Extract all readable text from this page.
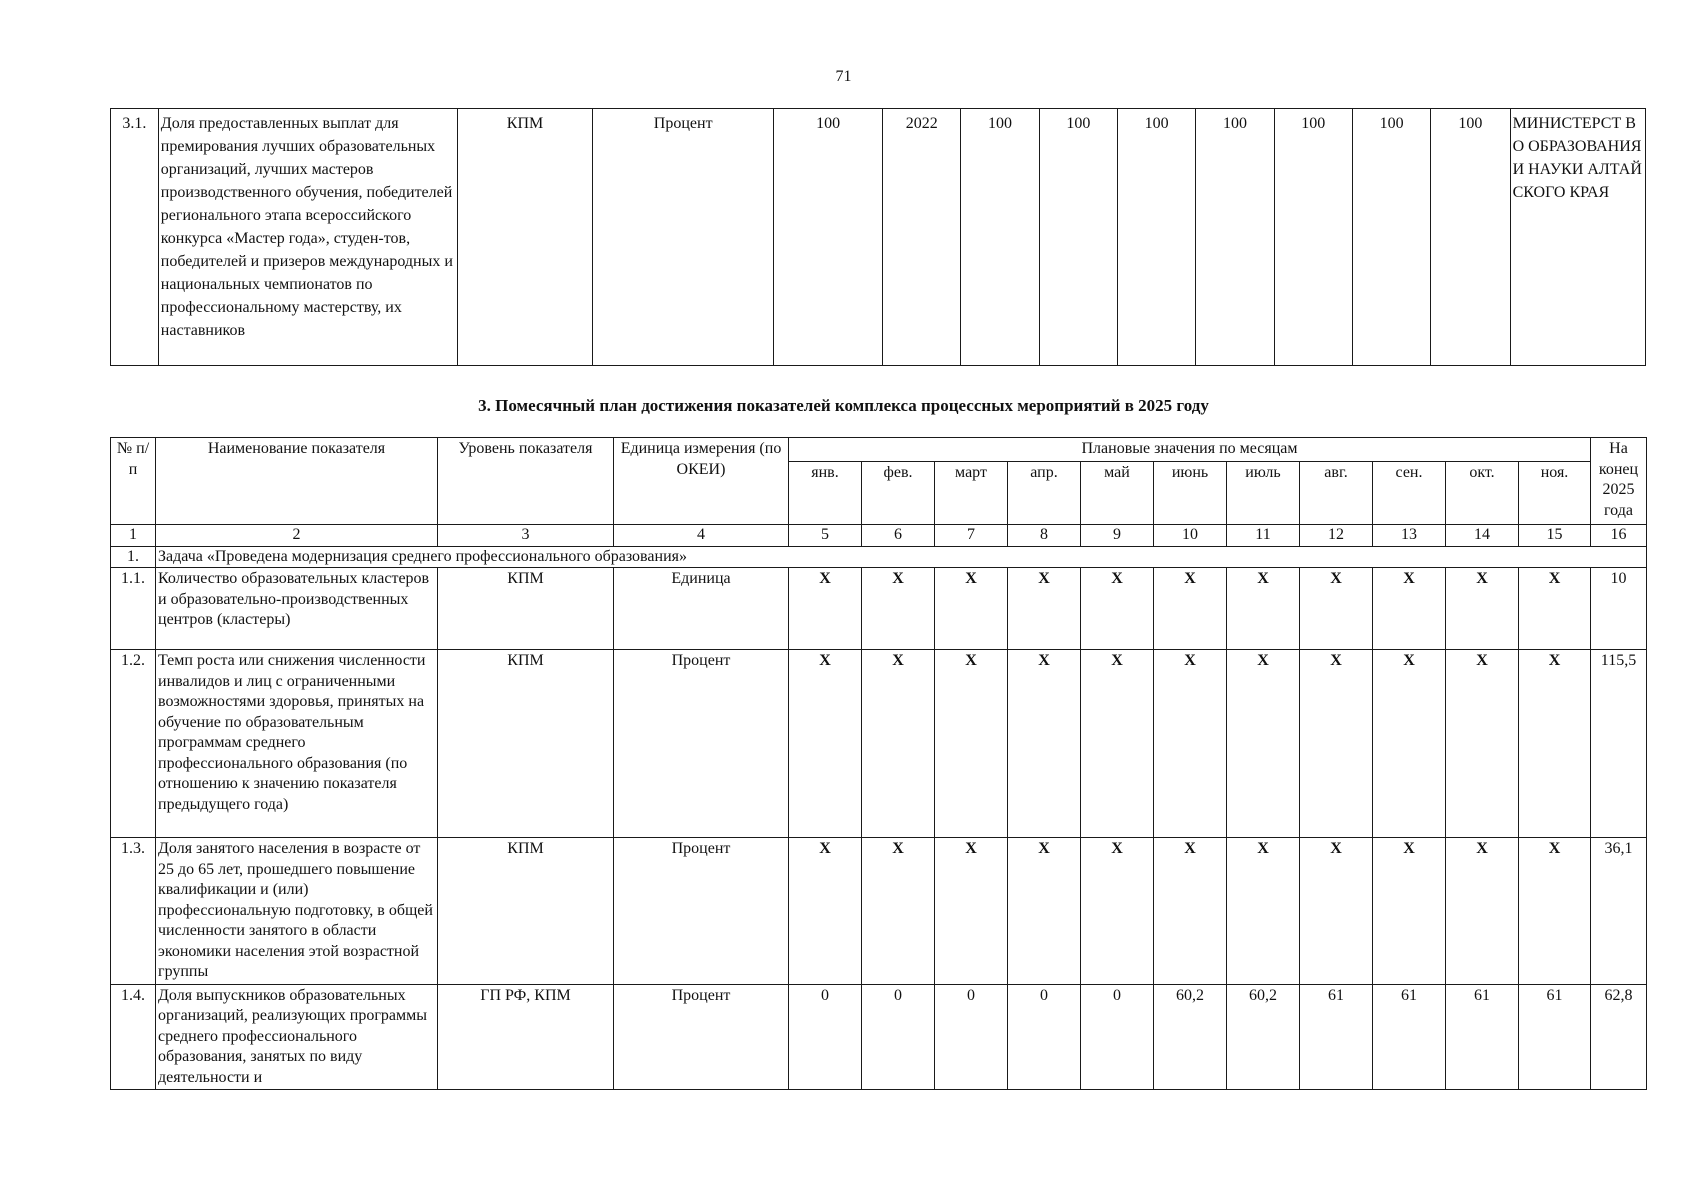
71
3.1.	Доля предоставленных выплат для премирования лучших образовательных организаций, лучших мастеров производственного обучения, победителей регионального этапа всероссийского конкурса «Мастер года», студен-тов, победителей и призеров международных и национальных чемпионатов по профессиональному мастерству, их наставников	КПМ	Процент	100	2022	100	100	100	100	100	100	100	МИНИСТЕРСТ ВО ОБРАЗОВАНИЯ И НАУКИ АЛТАЙСКОГО КРАЯ
3. Помесячный план достижения показателей комплекса процессных мероприятий в 2025 году
№ п/п	Наименование показателя	Уровень показателя	Единица измерения (по ОКЕИ)	Плановые значения по месяцам											На конец 2025 года
				янв.	фев.	март	апр.	май	июнь	июль	авг.	сен.	окт.	ноя.	
1	2	3	4	5	6	7	8	9	10	11	12	13	14	15	16
1.	Задача «Проведена модернизация среднего профессионального образования»														
1.1.	Количество образовательных кластеров и образовательно-производственных центров (кластеры)	КПМ	Единица	X	X	X	X	X	X	X	X	X	X	X	10
1.2.	Темп роста или снижения численности инвалидов и лиц с ограниченными возможностями здоровья, принятых на обучение по образовательным программам среднего профессионального образования (по отношению к значению показателя предыдущего года)	КПМ	Процент	X	X	X	X	X	X	X	X	X	X	X	115,5
1.3.	Доля занятого населения в возрасте от 25 до 65 лет, прошедшего повышение квалификации и (или) профессиональную подготовку, в общей численности занятого в области экономики населения этой возрастной группы	КПМ	Процент	X	X	X	X	X	X	X	X	X	X	X	36,1
1.4.	Доля выпускников образовательных организаций, реализующих программы среднего профессионального образования, занятых по виду деятельности и	ГП РФ, КПМ	Процент	0	0	0	0	0	60,2	60,2	61	61	61	61	62,8
